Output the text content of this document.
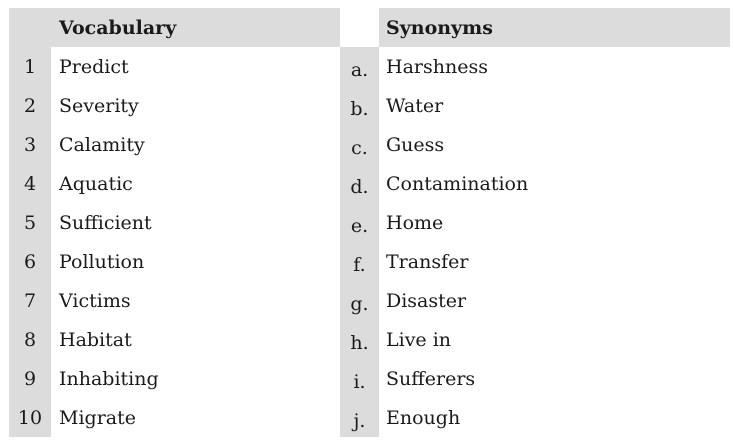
Vocabulary	Synonyms
1	Predict	a. Harshness
2	Severity	b. Water
3	Calamity	c. Guess
4	Aquatic	d. Contamination
5	Sufficient	e. Home
6	Pollution	f.	Transfer
7	Victims	g. Disaster
8	Habitat	h. Live in
9	Inhabiting	i.	Sufferers
10 Migrate	j.	Enough
